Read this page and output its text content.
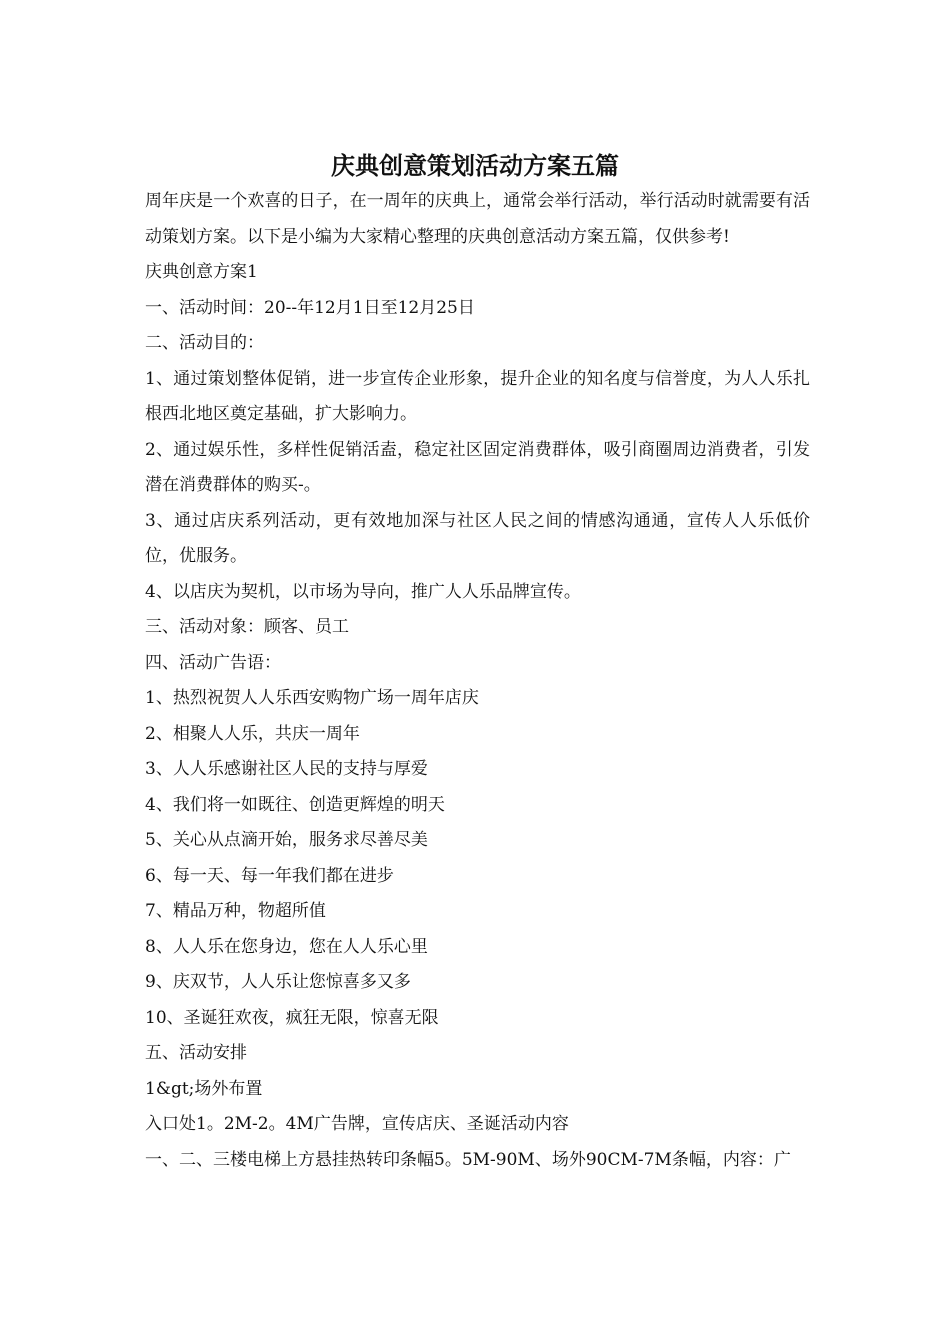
庆典创意策划活动方案五篇

周年庆是一个欢喜的日子，在一周年的庆典上，通常会举行活动，举行活动时就需要有活动策划方案。以下是小编为大家精心整理的庆典创意活动方案五篇，仅供参考!

庆典创意方案1

一、活动时间：20--年12月1日至12月25日

二、活动目的：

1、通过策划整体促销，进一步宣传企业形象，提升企业的知名度与信誉度，为人人乐扎根西北地区奠定基础，扩大影响力。

2、通过娱乐性，多样性促销活盍，稳定社区固定消费群体，吸引商圈周边消费者，引发潜在消费群体的购买-。

3、通过店庆系列活动，更有效地加深与社区人民之间的情感沟通通，宣传人人乐低价位，优服务。

4、以店庆为契机，以市场为导向，推广人人乐品牌宣传。

三、活动对象：顾客、员工

四、活动广告语：

1、热烈祝贺人人乐西安购物广场一周年店庆

2、相聚人人乐，共庆一周年

3、人人乐感谢社区人民的支持与厚爱

4、我们将一如既往、创造更辉煌的明天

5、关心从点滴开始，服务求尽善尽美

6、每一天、每一年我们都在进步

7、精品万种，物超所值

8、人人乐在您身边，您在人人乐心里

9、庆双节，人人乐让您惊喜多又多

10、圣诞狂欢夜，疯狂无限，惊喜无限

五、活动安排

1&gt;场外布置

入口处1。2M-2。4M广告牌，宣传店庆、圣诞活动内容

一、二、三楼电梯上方悬挂热转印条幅5。5M-90M、场外90CM-7M条幅，内容：广
